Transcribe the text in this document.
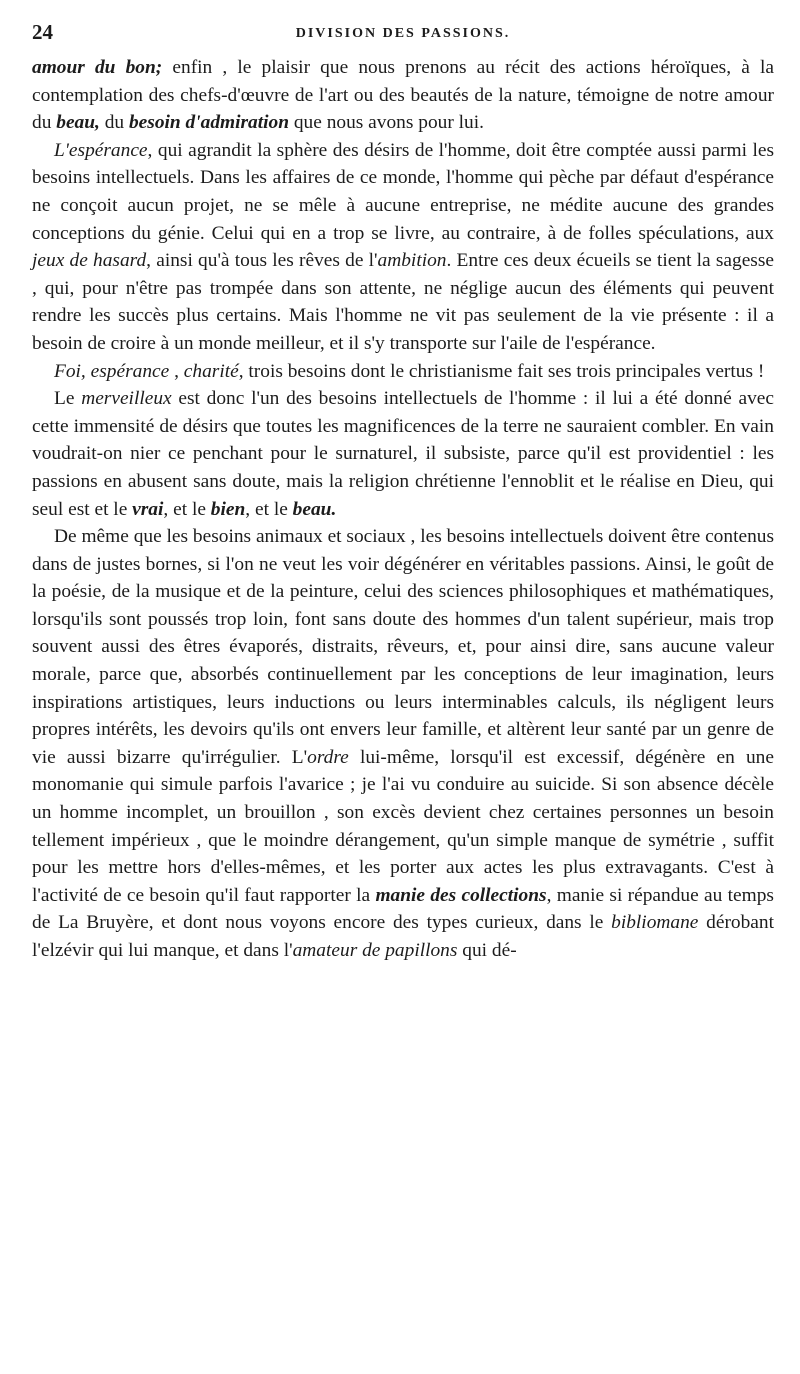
24	DIVISION DES PASSIONS.

amour du bon; enfin , le plaisir que nous prenons au récit des actions héroïques, à la contemplation des chefs-d'œuvre de l'art ou des beautés de la nature, témoigne de notre amour du beau, du besoin d'admiration que nous avons pour lui.

L'espérance, qui agrandit la sphère des désirs de l'homme, doit être comptée aussi parmi les besoins intellectuels. Dans les affaires de ce monde, l'homme qui pèche par défaut d'espérance ne conçoit aucun projet, ne se mêle à aucune entreprise, ne médite aucune des grandes conceptions du génie. Celui qui en a trop se livre, au contraire, à de folles spéculations, aux jeux de hasard, ainsi qu'à tous les rêves de l'ambition. Entre ces deux écueils se tient la sagesse , qui, pour n'être pas trompée dans son attente, ne néglige aucun des éléments qui peuvent rendre les succès plus certains. Mais l'homme ne vit pas seulement de la vie présente : il a besoin de croire à un monde meilleur, et il s'y transporte sur l'aile de l'espérance.

Foi, espérance , charité, trois besoins dont le christianisme fait ses trois principales vertus !

Le merveilleux est donc l'un des besoins intellectuels de l'homme : il lui a été donné avec cette immensité de désirs que toutes les magnificences de la terre ne sauraient combler. En vain voudrait-on nier ce penchant pour le surnaturel, il subsiste, parce qu'il est providentiel : les passions en abusent sans doute, mais la religion chrétienne l'ennoblit et le réalise en Dieu, qui seul est et le vrai, et le bien, et le beau.

De même que les besoins animaux et sociaux , les besoins intellectuels doivent être contenus dans de justes bornes, si l'on ne veut les voir dégénérer en véritables passions. Ainsi, le goût de la poésie, de la musique et de la peinture, celui des sciences philosophiques et mathématiques, lorsqu'ils sont poussés trop loin, font sans doute des hommes d'un talent supérieur, mais trop souvent aussi des êtres évaporés, distraits, rêveurs, et, pour ainsi dire, sans aucune valeur morale, parce que, absorbés continuellement par les conceptions de leur imagination, leurs inspirations artistiques, leurs inductions ou leurs interminables calculs, ils négligent leurs propres intérêts, les devoirs qu'ils ont envers leur famille, et altèrent leur santé par un genre de vie aussi bizarre qu'irrégulier. L'ordre lui-même, lorsqu'il est excessif, dégénère en une monomanie qui simule parfois l'avarice ; je l'ai vu conduire au suicide. Si son absence décèle un homme incomplet, un brouillon , son excès devient chez certaines personnes un besoin tellement impérieux , que le moindre dérangement, qu'un simple manque de symétrie , suffit pour les mettre hors d'elles-mêmes, et les porter aux actes les plus extravagants. C'est à l'activité de ce besoin qu'il faut rapporter la manie des collections, manie si répandue au temps de La Bruyère, et dont nous voyons encore des types curieux, dans le bibliomane dérobant l'elzévir qui lui manque, et dans l'amateur de papillons qui dé-
